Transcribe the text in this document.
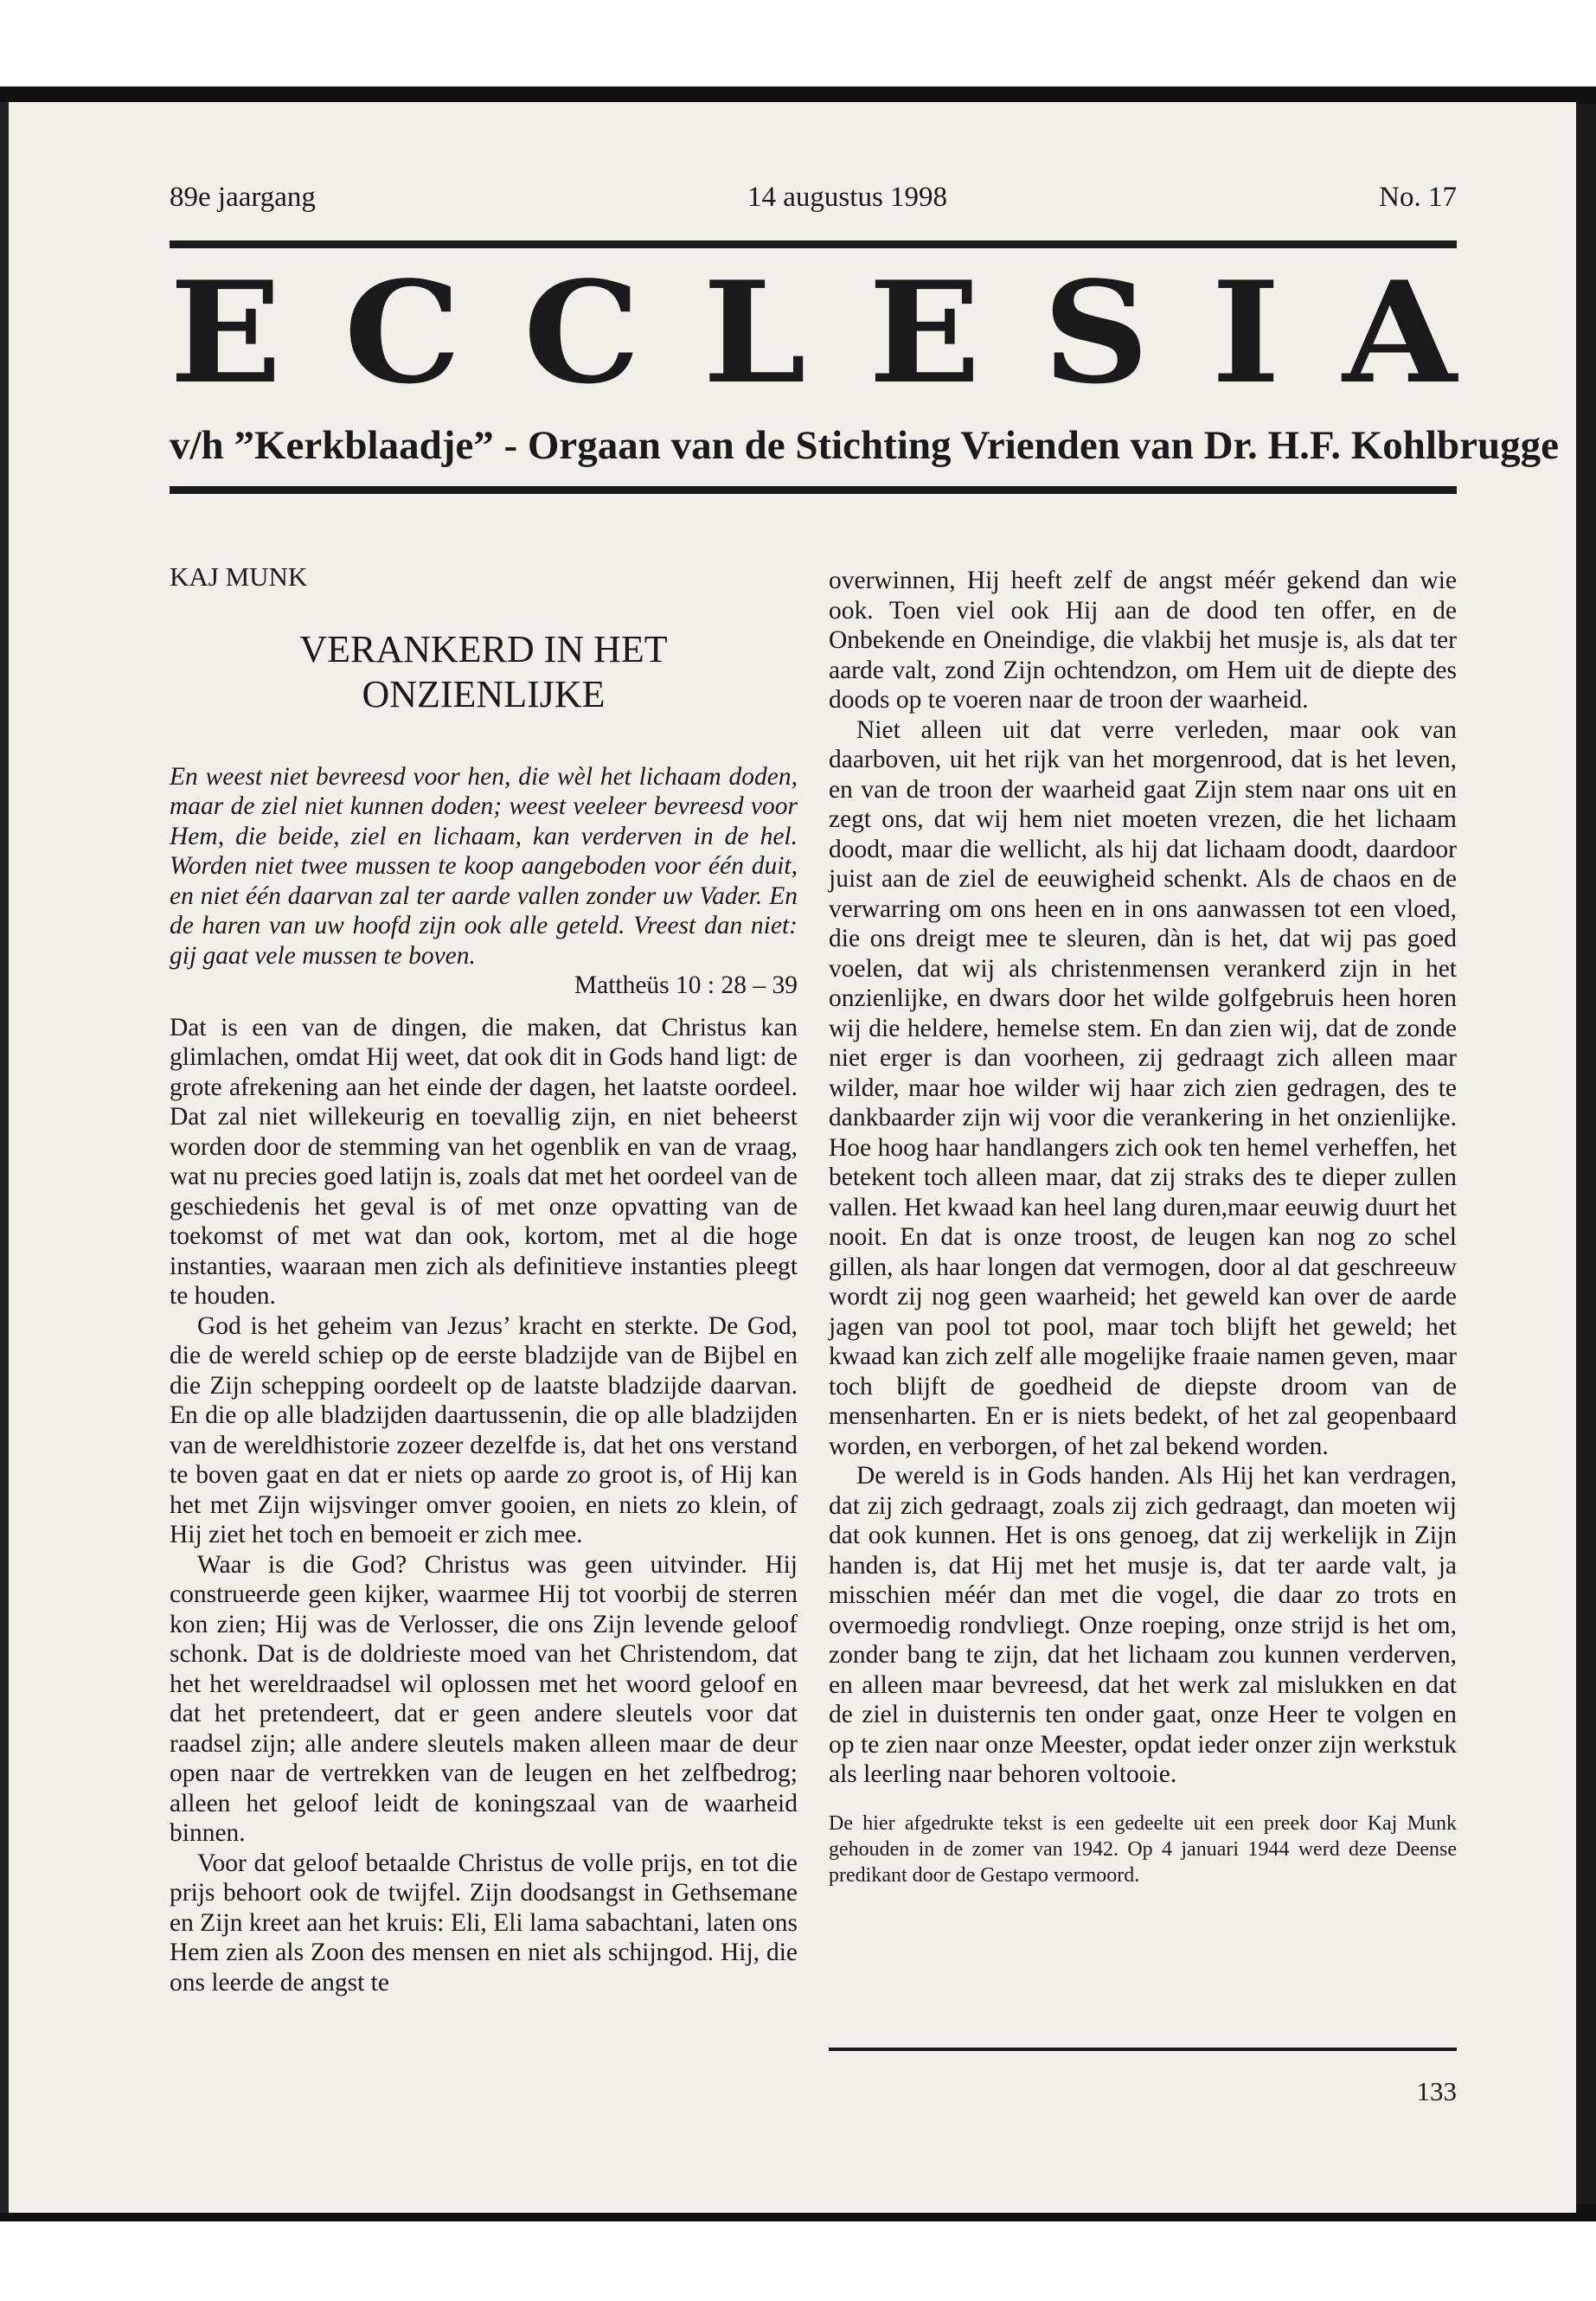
89e jaargang	14 augustus 1998	No. 17
E C C L E S I A
v/h ”Kerkblaadje” - Orgaan van de Stichting Vrienden van Dr. H.F. Kohlbrugge
KAJ MUNK
VERANKERD IN HET
ONZIENLIJKE

En weest niet bevreesd voor hen, die wèl het lichaam doden, maar de ziel niet kunnen doden; weest veeleer bevreesd voor Hem, die beide, ziel en lichaam, kan verderven in de hel. Worden niet twee mussen te koop aangeboden voor één duit, en niet één daarvan zal ter aarde vallen zonder uw Vader. En de haren van uw hoofd zijn ook alle geteld. Vreest dan niet: gij gaat vele mussen te boven.

Mattheüs 10 : 28 – 39

Dat is een van de dingen, die maken, dat Christus kan glimlachen, omdat Hij weet, dat ook dit in Gods hand ligt: de grote afrekening aan het einde der dagen, het laatste oordeel. Dat zal niet willekeurig en toevallig zijn, en niet beheerst worden door de stemming van het ogenblik en van de vraag, wat nu precies goed latijn is, zoals dat met het oordeel van de geschiedenis het geval is of met onze opvatting van de toekomst of met wat dan ook, kortom, met al die hoge instanties, waaraan men zich als definitieve instanties pleegt te houden.

God is het geheim van Jezus’ kracht en sterkte. De God, die de wereld schiep op de eerste bladzijde van de Bijbel en die Zijn schepping oordeelt op de laatste bladzijde daarvan. En die op alle bladzijden daartussenin, die op alle bladzijden van de wereldhistorie zozeer dezelfde is, dat het ons verstand te boven gaat en dat er niets op aarde zo groot is, of Hij kan het met Zijn wijsvinger omver gooien, en niets zo klein, of Hij ziet het toch en bemoeit er zich mee.

Waar is die God? Christus was geen uitvinder. Hij construeerde geen kijker, waarmee Hij tot voorbij de sterren kon zien; Hij was de Verlosser, die ons Zijn levende geloof schonk. Dat is de doldrieste moed van het Christendom, dat het het wereldraadsel wil oplossen met het woord geloof en dat het pretendeert, dat er geen andere sleutels voor dat raadsel zijn; alle andere sleutels maken alleen maar de deur open naar de vertrekken van de leugen en het zelfbedrog; alleen het geloof leidt de koningszaal van de waarheid binnen.

Voor dat geloof betaalde Christus de volle prijs, en tot die prijs behoort ook de twijfel. Zijn doodsangst in Gethsemane en Zijn kreet aan het kruis: Eli, Eli lama sabachtani, laten ons Hem zien als Zoon des mensen en niet als schijngod. Hij, die ons leerde de angst te

overwinnen, Hij heeft zelf de angst méér gekend dan wie ook. Toen viel ook Hij aan de dood ten offer, en de Onbekende en Oneindige, die vlakbij het musje is, als dat ter aarde valt, zond Zijn ochtendzon, om Hem uit de diepte des doods op te voeren naar de troon der waarheid.

Niet alleen uit dat verre verleden, maar ook van daarboven, uit het rijk van het morgenrood, dat is het leven, en van de troon der waarheid gaat Zijn stem naar ons uit en zegt ons, dat wij hem niet moeten vrezen, die het lichaam doodt, maar die wellicht, als hij dat lichaam doodt, daardoor juist aan de ziel de eeuwigheid schenkt. Als de chaos en de verwarring om ons heen en in ons aanwassen tot een vloed, die ons dreigt mee te sleuren, dàn is het, dat wij pas goed voelen, dat wij als christenmensen verankerd zijn in het onzienlijke, en dwars door het wilde golfgebruis heen horen wij die heldere, hemelse stem. En dan zien wij, dat de zonde niet erger is dan voorheen, zij gedraagt zich alleen maar wilder, maar hoe wilder wij haar zich zien gedragen, des te dankbaarder zijn wij voor die verankering in het onzienlijke. Hoe hoog haar handlangers zich ook ten hemel verheffen, het betekent toch alleen maar, dat zij straks des te dieper zullen vallen. Het kwaad kan heel lang duren,maar eeuwig duurt het nooit. En dat is onze troost, de leugen kan nog zo schel gillen, als haar longen dat vermogen, door al dat geschreeuw wordt zij nog geen waarheid; het geweld kan over de aarde jagen van pool tot pool, maar toch blijft het geweld; het kwaad kan zich zelf alle mogelijke fraaie namen geven, maar toch blijft de goedheid de diepste droom van de mensenharten. En er is niets bedekt, of het zal geopenbaard worden, en verborgen, of het zal bekend worden.

De wereld is in Gods handen. Als Hij het kan verdragen, dat zij zich gedraagt, zoals zij zich gedraagt, dan moeten wij dat ook kunnen. Het is ons genoeg, dat zij werkelijk in Zijn handen is, dat Hij met het musje is, dat ter aarde valt, ja misschien méér dan met die vogel, die daar zo trots en overmoedig rondvliegt. Onze roeping, onze strijd is het om, zonder bang te zijn, dat het lichaam zou kunnen verderven, en alleen maar bevreesd, dat het werk zal mislukken en dat de ziel in duisternis ten onder gaat, onze Heer te volgen en op te zien naar onze Meester, opdat ieder onzer zijn werkstuk als leerling naar behoren voltooie.

De hier afgedrukte tekst is een gedeelte uit een preek door Kaj Munk gehouden in de zomer van 1942. Op 4 januari 1944 werd deze Deense predikant door de Gestapo vermoord.
133
